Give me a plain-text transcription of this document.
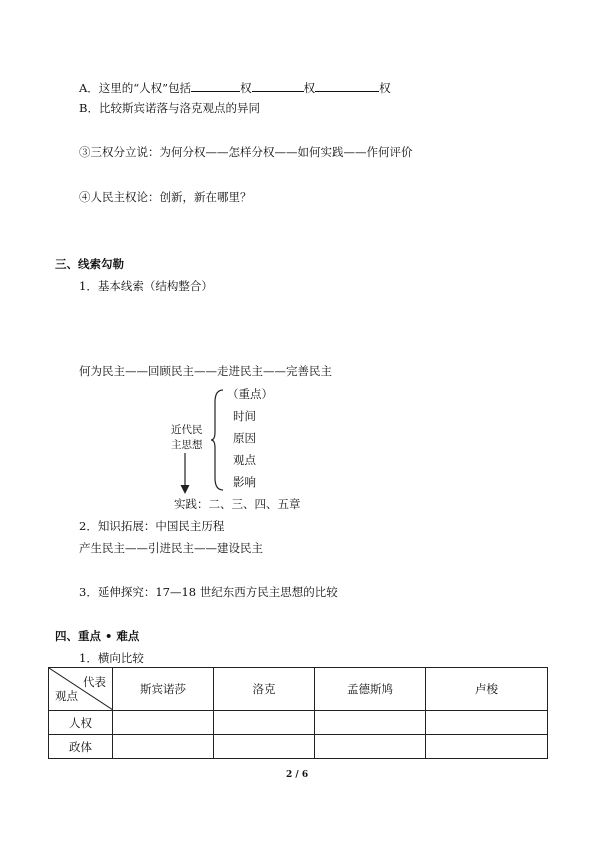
A．这里的“人权”包括	权	权	权
B．比较斯宾诺落与洛克观点的异同
③三权分立说：为何分权——怎样分权——如何实践——作何评价
④人民主权论：创新，新在哪里？
三、线索勾勒
1．基本线索（结构整合）
何为民主——回顾民主——走进民主——完善民主
近代民
主思想
（重点）
时间
原因
观点
影响
实践：二、三、四、五章
2．知识拓展：中国民主历程
产生民主——引进民主——建设民主
3．延伸探究：17—18 世纪东西方民主思想的比较
四、重点 • 难点
1．横向比较
代表
观点	斯宾诺莎	洛克	孟德斯鸠	卢梭
人权				
政体				
2 / 6
